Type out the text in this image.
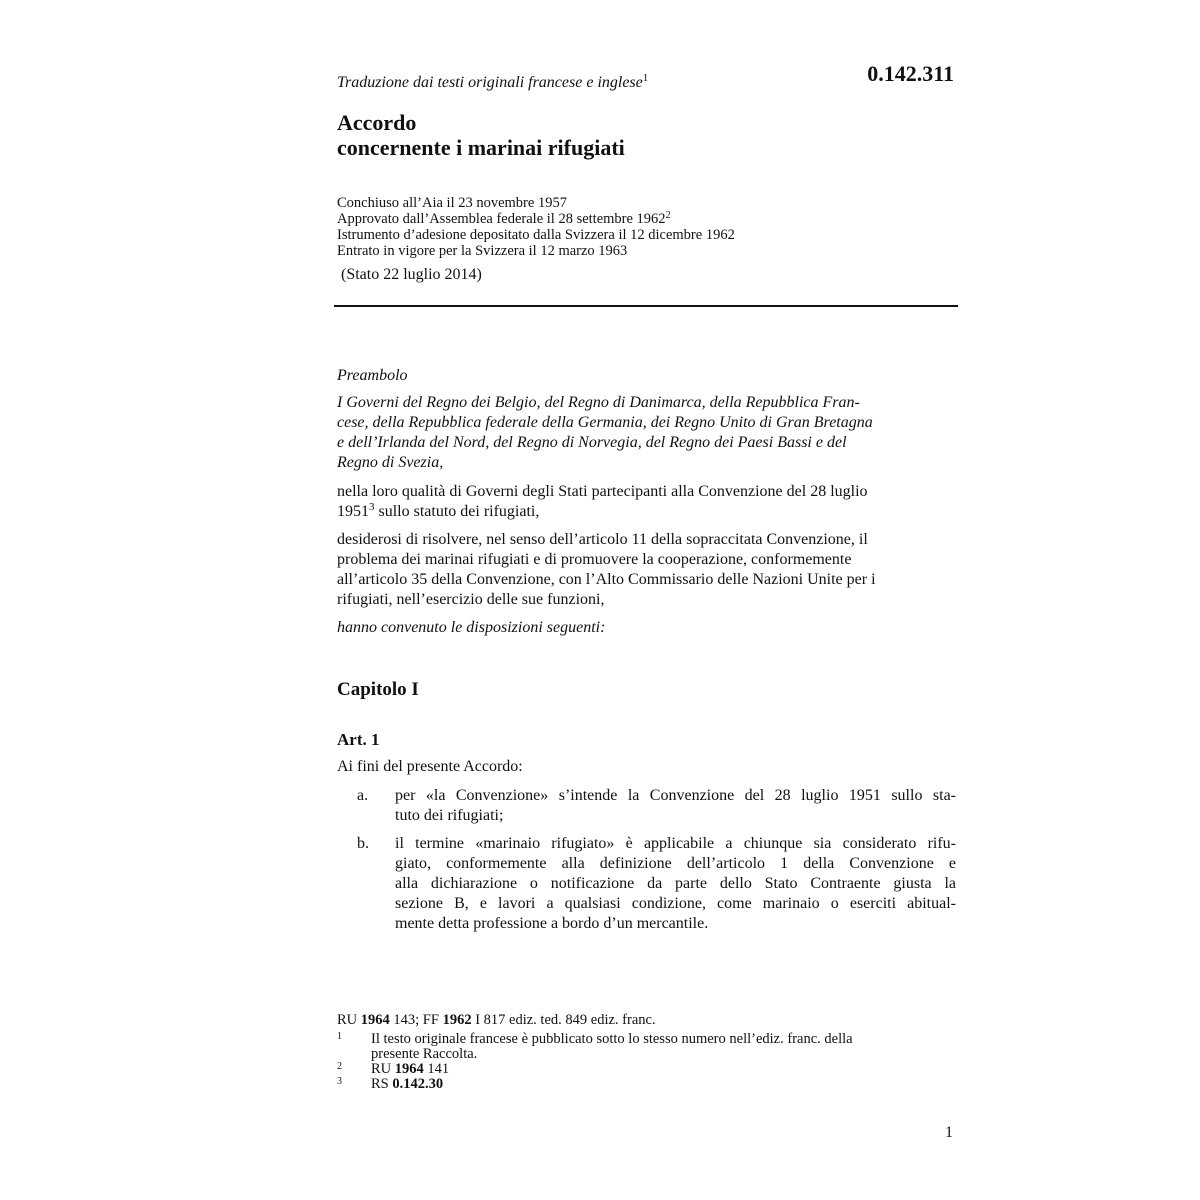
Traduzione dai testi originali francese e inglese$^1$	0.142.311
Accordo
concernente i marinai rifugiati
Conchiuso all’Aia il 23 novembre 1957
Approvato dall’Assemblea federale il 28 settembre 1962$^2$
Istrumento d’adesione depositato dalla Svizzera il 12 dicembre 1962
Entrato in vigore per la Svizzera il 12 marzo 1963
(Stato 22 luglio 2014)
Preambolo
I Governi del Regno dei Belgio, del Regno di Danimarca, della Repubblica Fran-
cese, della Repubblica federale della Germania, dei Regno Unito di Gran Bretagna
e dell’Irlanda del Nord, del Regno di Norvegia, del Regno dei Paesi Bassi e del
Regno di Svezia,
nella loro qualità di Governi degli Stati partecipanti alla Convenzione del 28 luglio
1951$^3$ sullo statuto dei rifugiati,
desiderosi di risolvere, nel senso dell’articolo 11 della sopraccitata Convenzione, il
problema dei marinai rifugiati e di promuovere la cooperazione, conformemente
all’articolo 35 della Convenzione, con l’Alto Commissario delle Nazioni Unite per i
rifugiati, nell’esercizio delle sue funzioni,
hanno convenuto le disposizioni seguenti:
Capitolo I
Art. 1
Ai fini del presente Accordo:
a. per «la Convenzione» s’intende la Convenzione del 28 luglio 1951 sullo sta-
tuto dei rifugiati;
b. il termine «marinaio rifugiato» è applicabile a chiunque sia considerato rifu-
giato, conformemente alla definizione dell’articolo 1 della Convenzione e
alla dichiarazione o notificazione da parte dello Stato Contraente giusta la
sezione B, e lavori a qualsiasi condizione, come marinaio o eserciti abitual-
mente detta professione a bordo d’un mercantile.
RU 1964 143; FF 1962 I 817 ediz. ted. 849 ediz. franc.
1 Il testo originale francese è pubblicato sotto lo stesso numero nell’ediz. franc. della
presente Raccolta.
2 RU 1964 141
3 RS 0.142.30
1
